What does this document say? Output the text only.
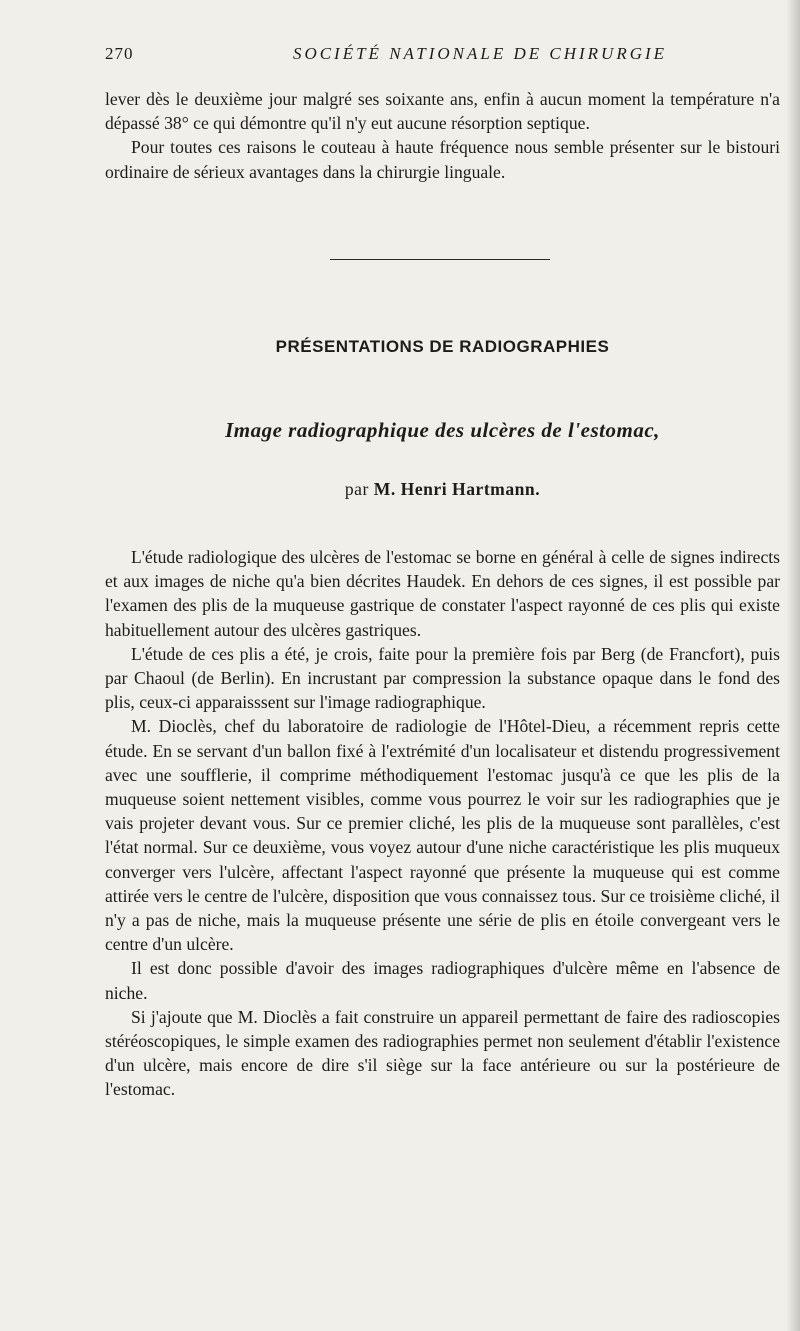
270	SOCIÉTÉ NATIONALE DE CHIRURGIE

lever dès le deuxième jour malgré ses soixante ans, enfin à aucun moment la température n'a dépassé 38° ce qui démontre qu'il n'y eut aucune résorption septique.

Pour toutes ces raisons le couteau à haute fréquence nous semble présenter sur le bistouri ordinaire de sérieux avantages dans la chirurgie linguale.

PRÉSENTATIONS DE RADIOGRAPHIES
Image radiographique des ulcères de l'estomac,
par M. Henri Hartmann.

L'étude radiologique des ulcères de l'estomac se borne en général à celle de signes indirects et aux images de niche qu'a bien décrites Haudek. En dehors de ces signes, il est possible par l'examen des plis de la muqueuse gastrique de constater l'aspect rayonné de ces plis qui existe habituellement autour des ulcères gastriques.

L'étude de ces plis a été, je crois, faite pour la première fois par Berg (de Francfort), puis par Chaoul (de Berlin). En incrustant par compression la substance opaque dans le fond des plis, ceux-ci apparaisssent sur l'image radiographique.

M. Dioclès, chef du laboratoire de radiologie de l'Hôtel-Dieu, a récemment repris cette étude. En se servant d'un ballon fixé à l'extrémité d'un localisateur et distendu progressivement avec une soufflerie, il comprime méthodiquement l'estomac jusqu'à ce que les plis de la muqueuse soient nettement visibles, comme vous pourrez le voir sur les radiographies que je vais projeter devant vous. Sur ce premier cliché, les plis de la muqueuse sont parallèles, c'est l'état normal. Sur ce deuxième, vous voyez autour d'une niche caractéristique les plis muqueux converger vers l'ulcère, affectant l'aspect rayonné que présente la muqueuse qui est comme attirée vers le centre de l'ulcère, disposition que vous connaissez tous. Sur ce troisième cliché, il n'y a pas de niche, mais la muqueuse présente une série de plis en étoile convergeant vers le centre d'un ulcère.

Il est donc possible d'avoir des images radiographiques d'ulcère même en l'absence de niche.

Si j'ajoute que M. Dioclès a fait construire un appareil permettant de faire des radioscopies stéréoscopiques, le simple examen des radiographies permet non seulement d'établir l'existence d'un ulcère, mais encore de dire s'il siège sur la face antérieure ou sur la postérieure de l'estomac.
